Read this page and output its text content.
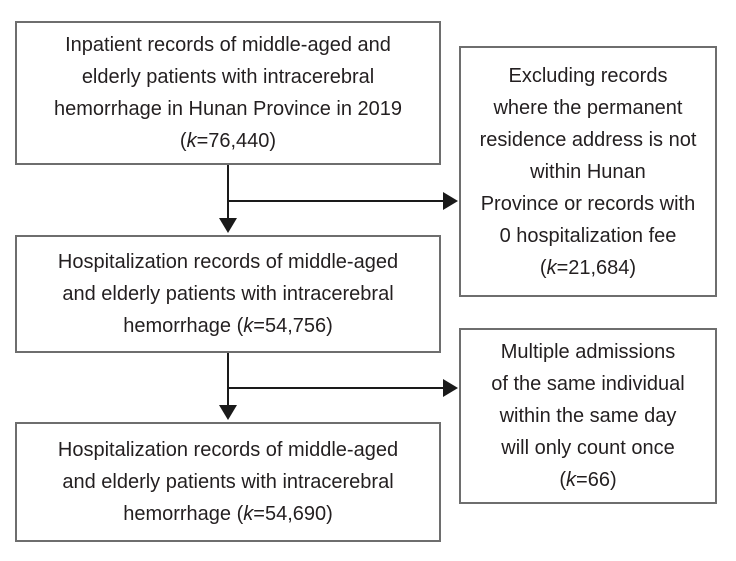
Inpatient records of middle-aged and
elderly patients with intracerebral
hemorrhage in Hunan Province in 2019
(k=76,440)
Excluding records
where the permanent
residence address is not
within Hunan
Province or records with
0 hospitalization fee
(k=21,684)
Hospitalization records of middle-aged
and elderly patients with intracerebral
hemorrhage (k=54,756)
Multiple admissions
of the same individual
within the same day
will only count once
(k=66)
Hospitalization records of middle-aged
and elderly patients with intracerebral
hemorrhage (k=54,690)
